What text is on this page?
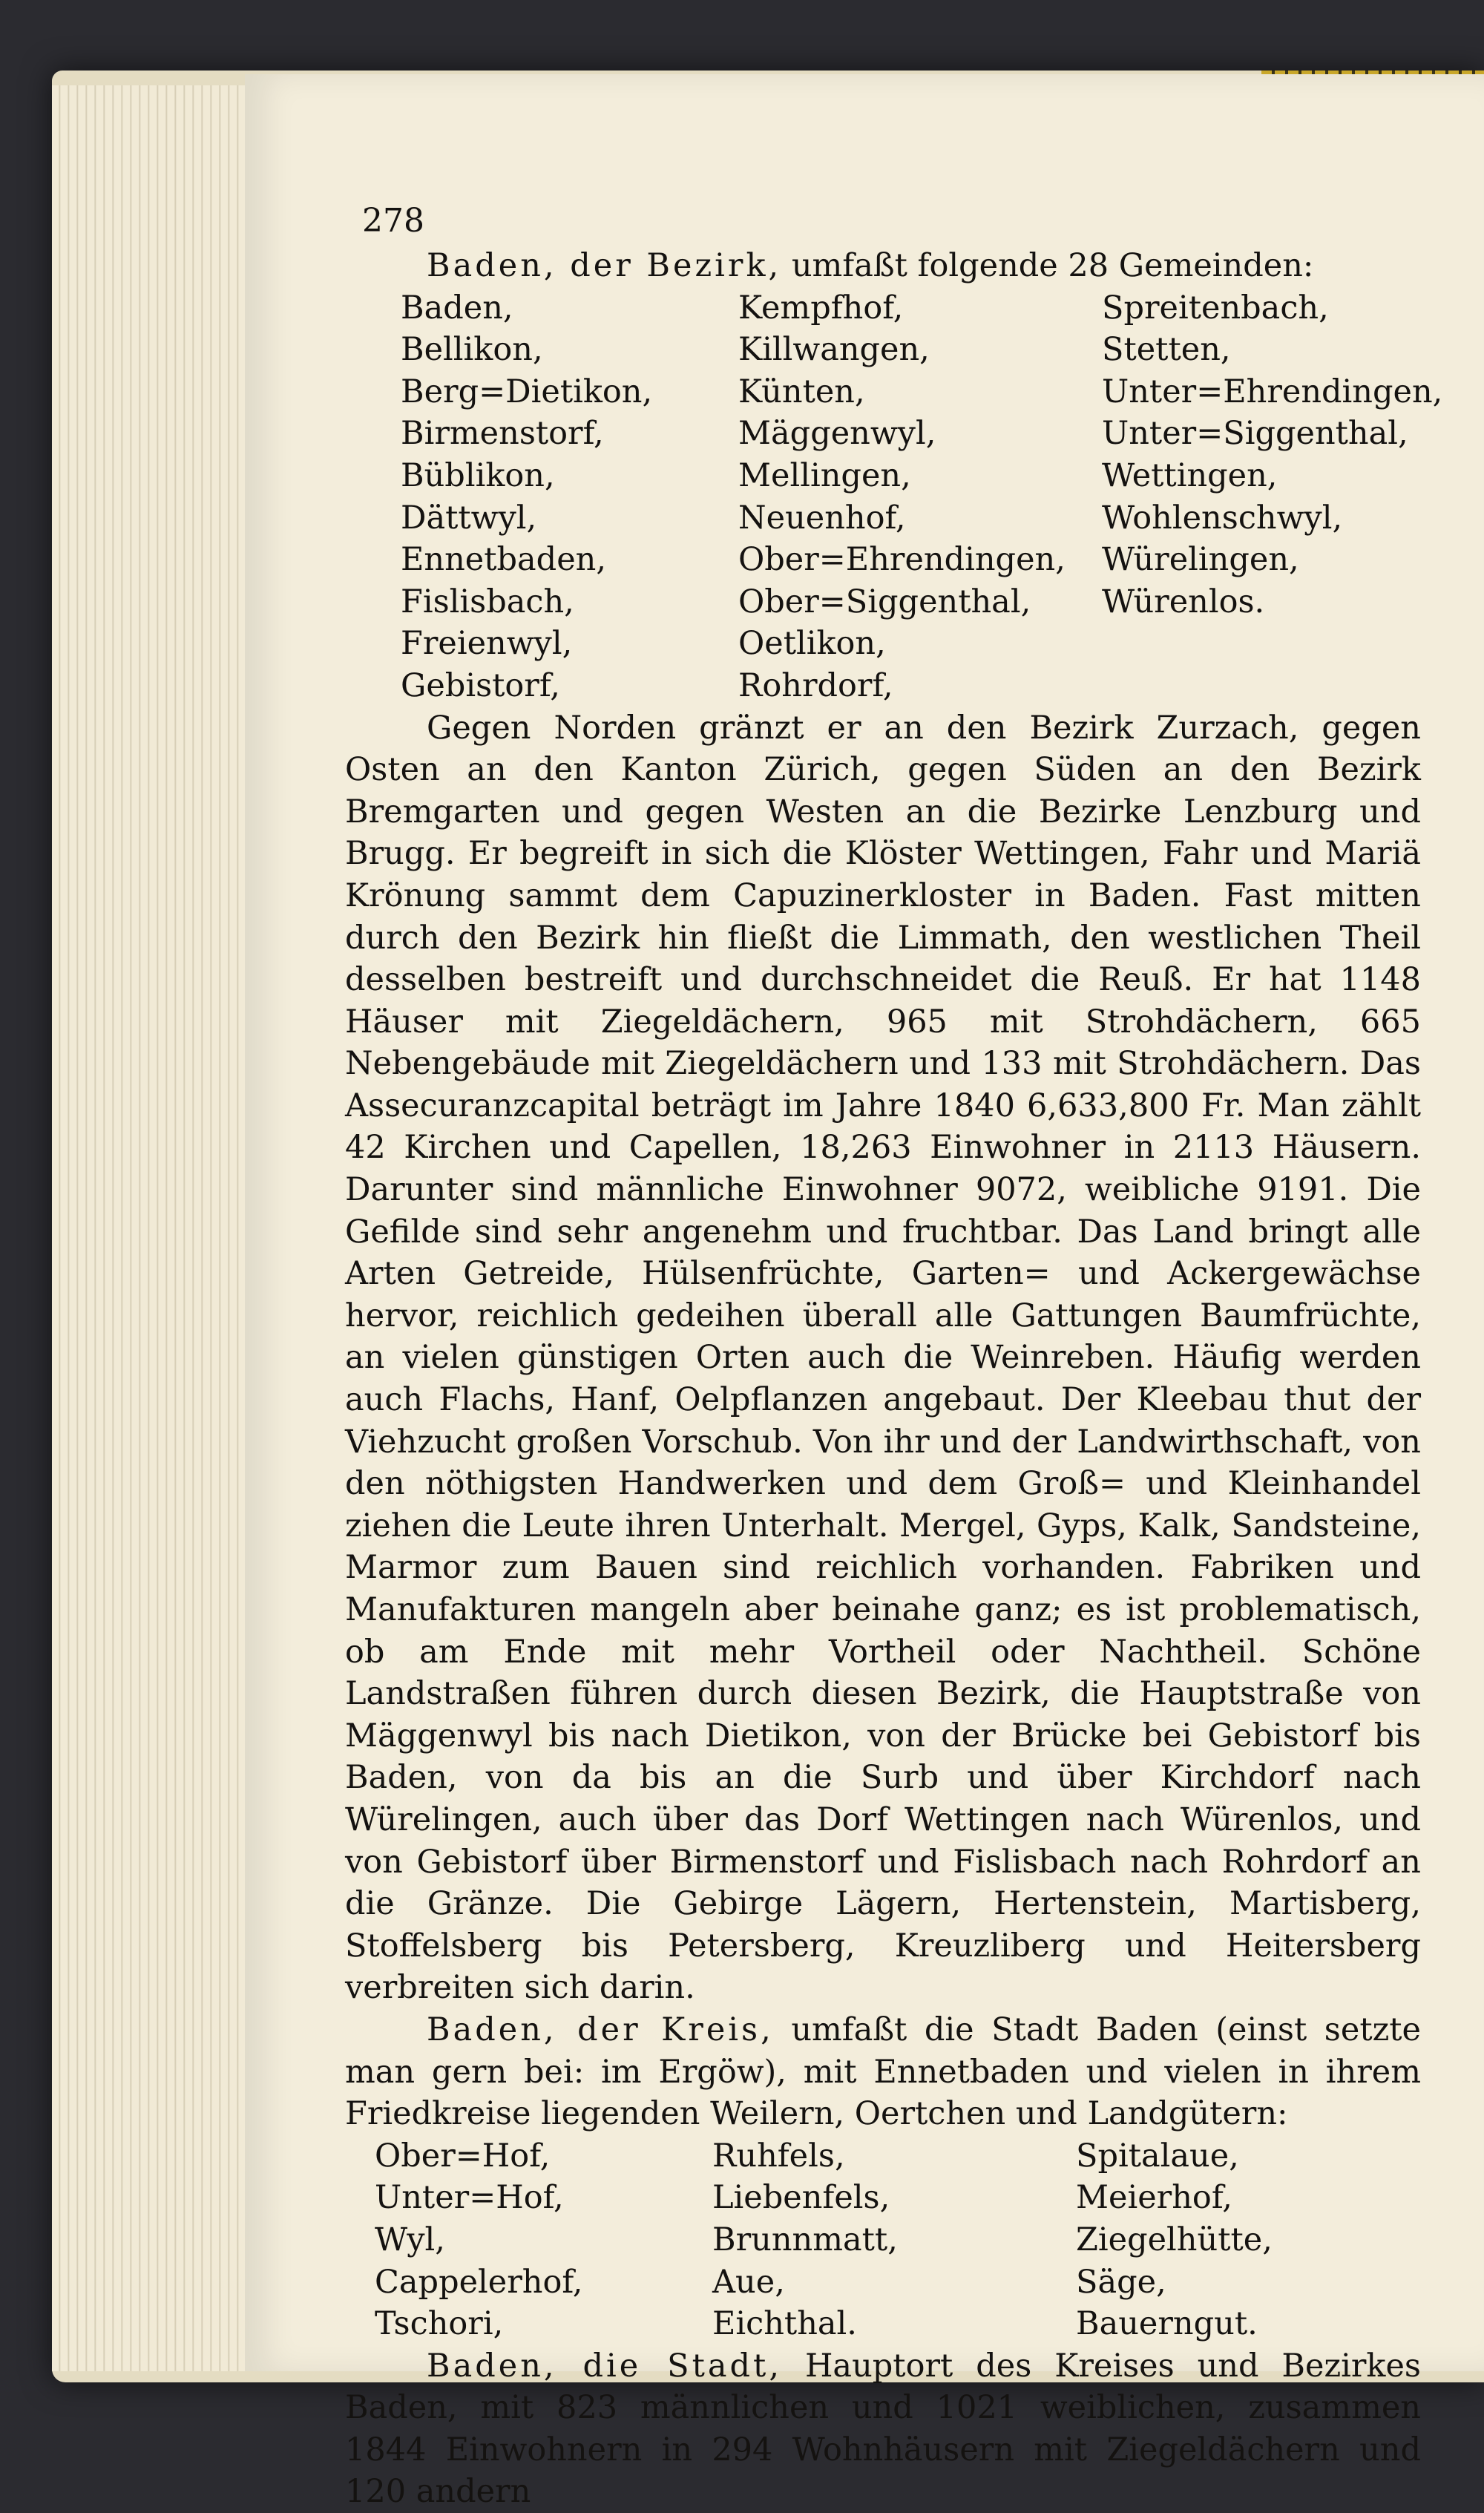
278

Baden, der Bezirk, umfaßt folgende 28 Gemeinden:

Baden,	Kempfhof,	Spreitenbach,
Bellikon,	Killwangen,	Stetten,
Berg=Dietikon,	Künten,	Unter=Ehrendingen,
Birmenstorf,	Mäggenwyl,	Unter=Siggenthal,
Büblikon,	Mellingen,	Wettingen,
Dättwyl,	Neuenhof,	Wohlenschwyl,
Ennetbaden,	Ober=Ehrendingen,	Würelingen,
Fislisbach,	Ober=Siggenthal,	Würenlos.
Freienwyl,	Oetlikon,
Gebistorf,	Rohrdorf,

Gegen Norden gränzt er an den Bezirk Zurzach, gegen Osten an den Kanton Zürich, gegen Süden an den Bezirk Bremgarten und gegen Westen an die Bezirke Lenzburg und Brugg. Er begreift in sich die Klöster Wettingen, Fahr und Mariä Krönung sammt dem Capuzinerkloster in Baden. Fast mitten durch den Bezirk hin fließt die Limmath, den westlichen Theil desselben bestreift und durchschneidet die Reuß. Er hat 1148 Häuser mit Ziegeldächern, 965 mit Strohdächern, 665 Nebengebäude mit Ziegeldächern und 133 mit Strohdächern. Das Assecuranzcapital beträgt im Jahre 1840 6,633,800 Fr. Man zählt 42 Kirchen und Capellen, 18,263 Einwohner in 2113 Häusern. Darunter sind männliche Einwohner 9072, weibliche 9191. Die Gefilde sind sehr angenehm und fruchtbar. Das Land bringt alle Arten Getreide, Hülsenfrüchte, Garten= und Ackergewächse hervor, reichlich gedeihen überall alle Gattungen Baumfrüchte, an vielen günstigen Orten auch die Weinreben. Häufig werden auch Flachs, Hanf, Oelpflanzen angebaut. Der Kleebau thut der Viehzucht großen Vorschub. Von ihr und der Landwirthschaft, von den nöthigsten Handwerken und dem Groß= und Kleinhandel ziehen die Leute ihren Unterhalt. Mergel, Gyps, Kalk, Sandsteine, Marmor zum Bauen sind reichlich vorhanden. Fabriken und Manufakturen mangeln aber beinahe ganz; es ist problematisch, ob am Ende mit mehr Vortheil oder Nachtheil. Schöne Landstraßen führen durch diesen Bezirk, die Hauptstraße von Mäggenwyl bis nach Dietikon, von der Brücke bei Gebistorf bis Baden, von da bis an die Surb und über Kirchdorf nach Würelingen, auch über das Dorf Wettingen nach Würenlos, und von Gebistorf über Birmenstorf und Fislisbach nach Rohrdorf an die Gränze. Die Gebirge Lägern, Hertenstein, Martisberg, Stoffelsberg bis Petersberg, Kreuzliberg und Heitersberg verbreiten sich darin.

Baden, der Kreis, umfaßt die Stadt Baden (einst setzte man gern bei: im Ergöw), mit Ennetbaden und vielen in ihrem Friedkreise liegenden Weilern, Oertchen und Landgütern:

Ober=Hof,	Ruhfels,	Spitalaue,
Unter=Hof,	Liebenfels,	Meierhof,
Wyl,	Brunnmatt,	Ziegelhütte,
Cappelerhof,	Aue,	Säge,
Tschori,	Eichthal.	Bauerngut.

Baden, die Stadt, Hauptort des Kreises und Bezirkes Baden, mit 823 männlichen und 1021 weiblichen, zusammen 1844 Einwohnern in 294 Wohnhäusern mit Ziegeldächern und 120 andern
